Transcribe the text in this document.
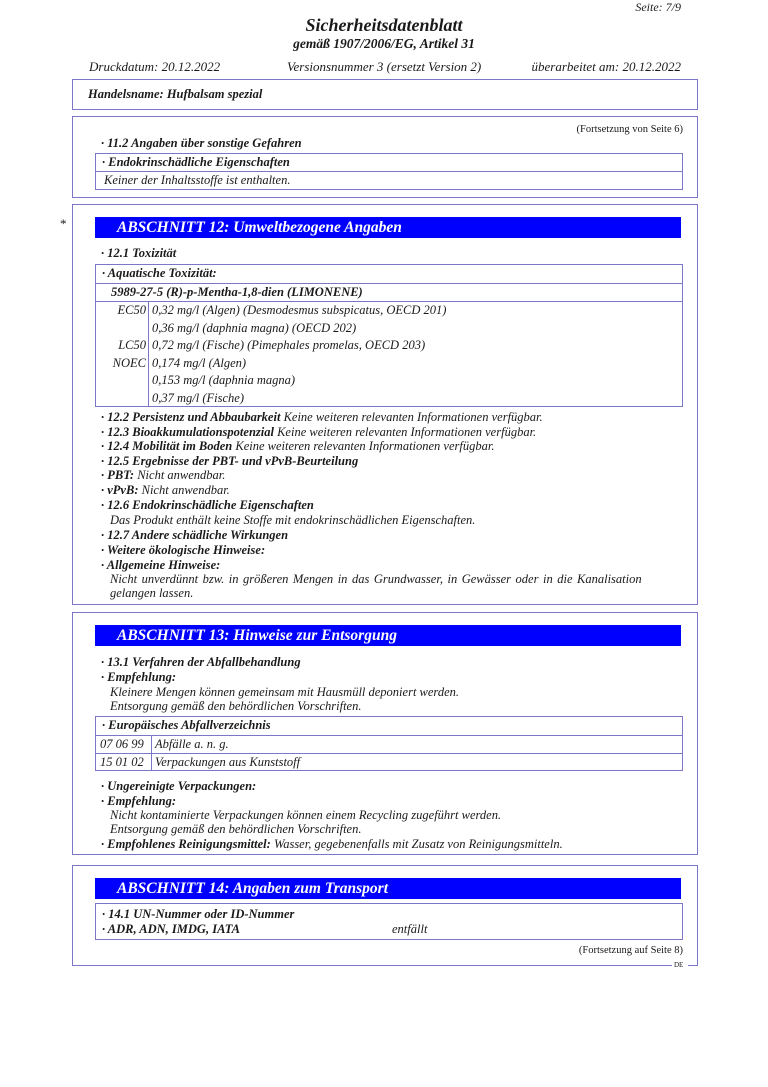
Seite: 7/9
Sicherheitsdatenblatt
gemäß 1907/2006/EG, Artikel 31
Druckdatum: 20.12.2022	Versionsnummer 3 (ersetzt Version 2)	überarbeitet am: 20.12.2022
Handelsname: Hufbalsam spezial
(Fortsetzung von Seite 6)
· 11.2 Angaben über sonstige Gefahren
· Endokrinschädliche Eigenschaften
Keiner der Inhaltsstoffe ist enthalten.
*	ABSCHNITT 12: Umweltbezogene Angaben
· 12.1 Toxizität
· Aquatische Toxizität:
5989-27-5 (R)-p-Mentha-1,8-dien (LIMONENE)
EC50 0,32 mg/l (Algen) (Desmodesmus subspicatus, OECD 201)
0,36 mg/l (daphnia magna) (OECD 202)
LC50 0,72 mg/l (Fische) (Pimephales promelas, OECD 203)
NOEC 0,174 mg/l (Algen)
0,153 mg/l (daphnia magna)
0,37 mg/l (Fische)
· 12.2 Persistenz und Abbaubarkeit Keine weiteren relevanten Informationen verfügbar.
· 12.3 Bioakkumulationspotenzial Keine weiteren relevanten Informationen verfügbar.
· 12.4 Mobilität im Boden Keine weiteren relevanten Informationen verfügbar.
· 12.5 Ergebnisse der PBT- und vPvB-Beurteilung
· PBT: Nicht anwendbar.
· vPvB: Nicht anwendbar.
· 12.6 Endokrinschädliche Eigenschaften
Das Produkt enthält keine Stoffe mit endokrinschädlichen Eigenschaften.
· 12.7 Andere schädliche Wirkungen
· Weitere ökologische Hinweise:
· Allgemeine Hinweise:
Nicht unverdünnt bzw. in größeren Mengen in das Grundwasser, in Gewässer oder in die Kanalisation
gelangen lassen.
ABSCHNITT 13: Hinweise zur Entsorgung
· 13.1 Verfahren der Abfallbehandlung
· Empfehlung:
Kleinere Mengen können gemeinsam mit Hausmüll deponiert werden.
Entsorgung gemäß den behördlichen Vorschriften.
· Europäisches Abfallverzeichnis
07 06 99 Abfälle a. n. g.
15 01 02 Verpackungen aus Kunststoff
· Ungereinigte Verpackungen:
· Empfehlung:
Nicht kontaminierte Verpackungen können einem Recycling zugeführt werden.
Entsorgung gemäß den behördlichen Vorschriften.
· Empfohlenes Reinigungsmittel: Wasser, gegebenenfalls mit Zusatz von Reinigungsmitteln.
ABSCHNITT 14: Angaben zum Transport
· 14.1 UN-Nummer oder ID-Nummer
· ADR, ADN, IMDG, IATA	entfällt
(Fortsetzung auf Seite 8)
DE
